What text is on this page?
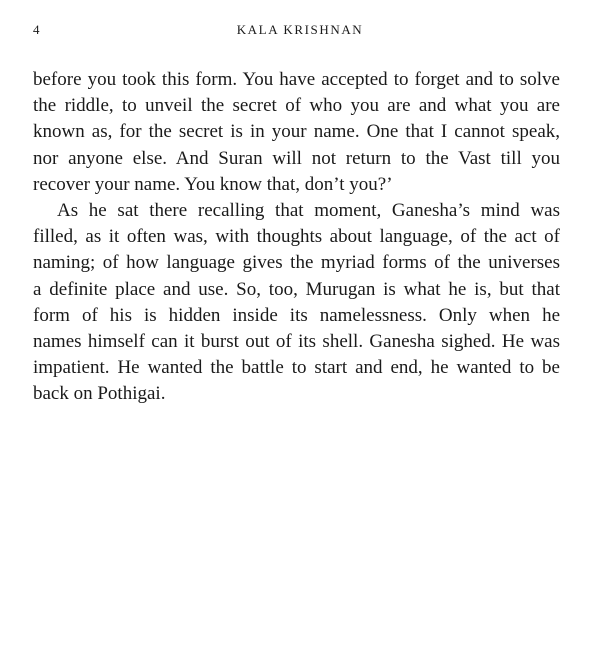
4	KALA KRISHNAN

before you took this form. You have accepted to forget and to solve
the riddle, to unveil the secret of who you are and what you are
known as, for the secret is in your name. One that I cannot speak,
nor anyone else. And Suran will not return to the Vast till you
recover your name. You know that, don’t you?’

As he sat there recalling that moment, Ganesha’s mind was
filled, as it often was, with thoughts about language, of the act of
naming; of how language gives the myriad forms of the universes
a definite place and use. So, too, Murugan is what he is, but that
form of his is hidden inside its namelessness. Only when he
names himself can it burst out of its shell. Ganesha sighed. He was
impatient. He wanted the battle to start and end, he wanted to be
back on Pothigai.
